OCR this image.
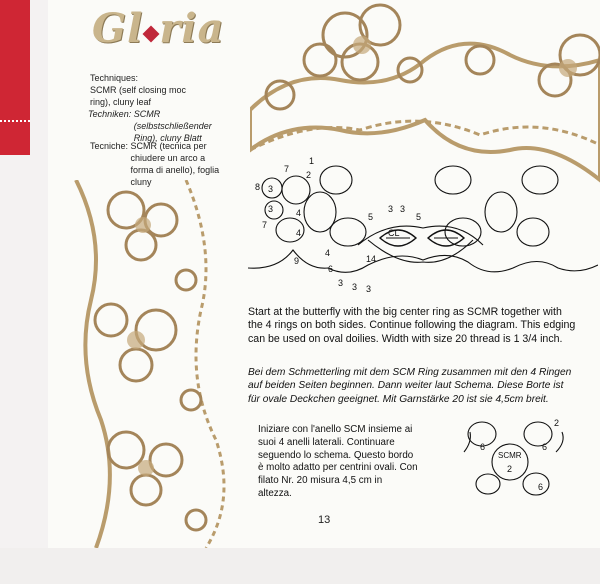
Gl ria
Techniques: SCMR (self closing moc ring), cluny leaf
Techniken: SCMR (selbstschließender Ring), cluny Blatt
Tecniche: SCMR (tecnica per chiudere un arco a forma di anello), foglia cluny
7
1
2
8 3
3	4
7
4
9
4
6
3 3 3
5
3 3
5
CL
14
Start at the butterfly with the big center ring as SCMR together with the 4 rings on both sides. Continue following the diagram. This edging can be used on oval doilies. Width with size 20 thread is 1 3/4 inch.
Bei dem Schmetterling mit dem SCM Ring zusammen mit den 4 Ringen auf beiden Seiten beginnen. Dann weiter laut Schema. Diese Borte ist für ovale Deckchen geeignet. Mit Garnstärke 20 ist sie 4,5cm breit.
Iniziare con l'anello SCM insieme ai suoi 4 anelli laterali. Continuare seguendo lo schema. Questo bordo è molto adatto per centrini ovali. Con filato Nr. 20 misura 4,5 cm in altezza.
SCMR
2
6
2
6
6
13
